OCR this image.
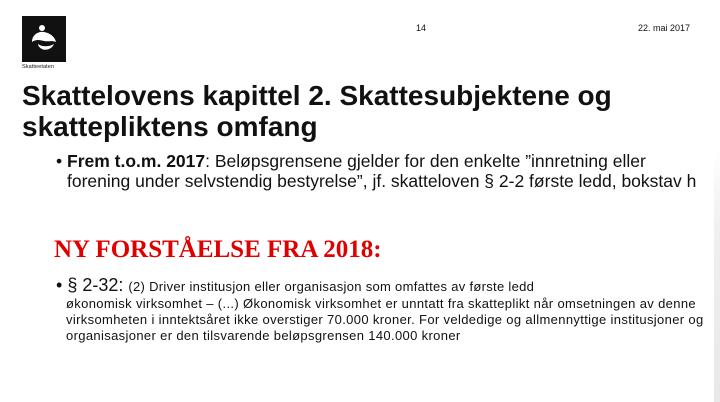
Skatteetaten
14	22. mai 2017
Skattelovens kapittel 2. Skattesubjektene og skattepliktens omfang

• Frem t.o.m. 2017: Beløpsgrensene gjelder for den enkelte ”innretning eller forening under selvstendig bestyrelse”, jf. skatteloven § 2-2 første ledd, bokstav h

NY FORSTÅELSE FRA 2018:

• § 2-32: (2) Driver institusjon eller organisasjon som omfattes av første ledd

økonomisk virksomhet – (...) Økonomisk virksomhet er unntatt fra skatteplikt når omsetningen av denne virksomheten i inntektsåret ikke overstiger 70.000 kroner. For veldedige og allmennyttige institusjoner og organisasjoner er den tilsvarende beløpsgrensen 140.000 kroner
